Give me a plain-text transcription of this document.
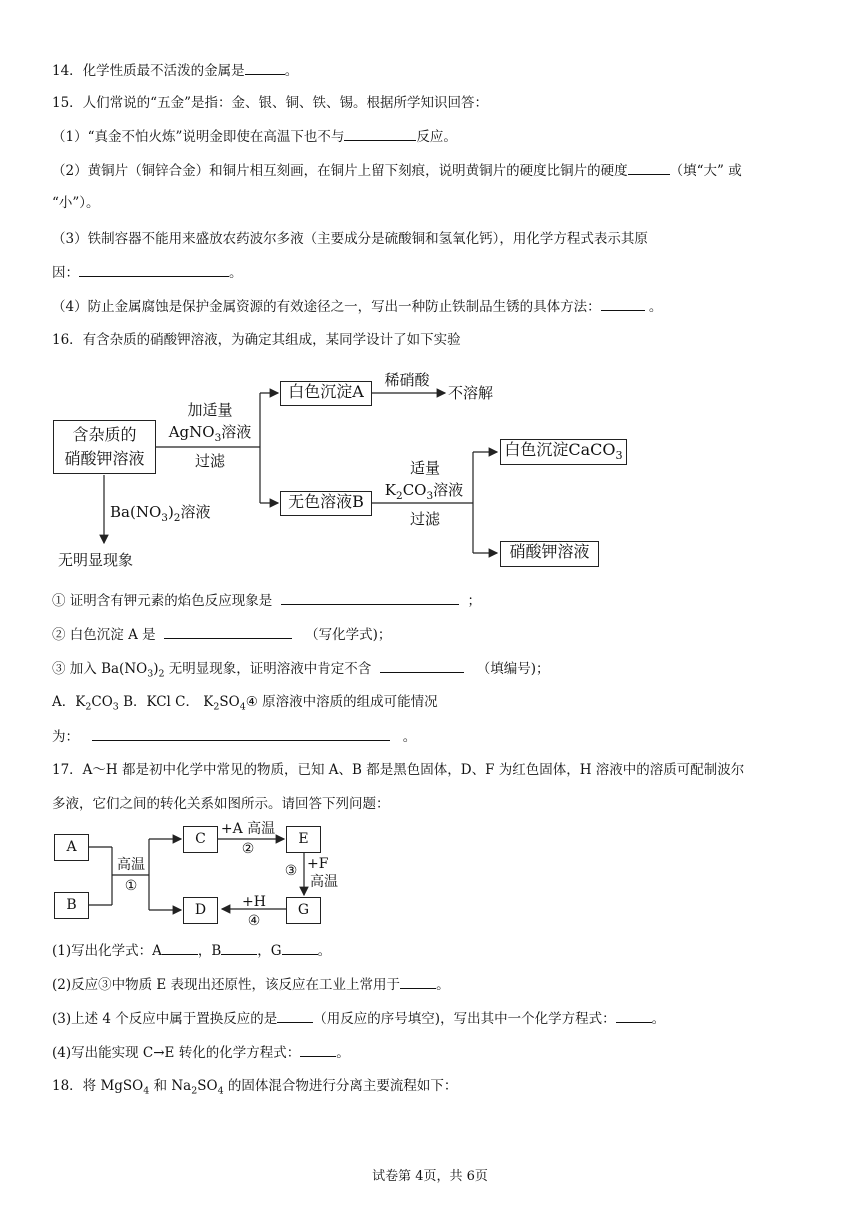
14．化学性质最不活泼的金属是	。
15．人们常说的“五金”是指：金、银、铜、铁、锡。根据所学知识回答：
（1）“真金不怕火炼”说明金即使在高温下也不与	反应。
（2）黄铜片（铜锌合金）和铜片相互刻画，在铜片上留下刻痕，说明黄铜片的硬度比铜片的硬度	（填“大” 或
“小”）。
（3）铁制容器不能用来盛放农药波尔多液（主要成分是硫酸铜和氢氧化钙），用化学方程式表示其原
因：	。
（4）防止金属腐蚀是保护金属资源的有效途径之一，写出一种防止铁制品生锈的具体方法：	。
16．有含杂质的硝酸钾溶液，为确定其组成，某同学设计了如下实验
含杂质的
硝酸钾溶液
加适量
AgNO$_3$溶液
过滤
白色沉淀A
稀硝酸
不溶解
无色溶液B
适量
$K_2CO_3$溶液
过滤
白色沉淀CaCO$_3$
硝酸钾溶液
$Ba(NO_3)_2$溶液
无明显现象
① 证明含有钾元素的焰色反应现象是	；
② 白色沉淀 A 是	（写化学式)；
③ 加入 $Ba(NO_3)_2$ 无明显现象，证明溶液中肯定不含	（填编号)；
A．$K_2CO_3$ B．KCl C． $K_2SO_4④$ 原溶液中溶质的组成可能情况
为：	。
17．A～H 都是初中化学中常见的物质，已知 A、B 都是黑色固体，D、F 为红色固体，H 溶液中的溶质可配制波尔
多液，它们之间的转化关系如图所示。请回答下列问题：
A
B
C
D
E
G
高温
①
+A 高温
②
③ +F
高温
+H
④
(1)写出化学式：A	，B	，G	。
(2)反应③中物质 E 表现出还原性，该反应在工业上常用于	。
(3)上述 4 个反应中属于置换反应的是	（用反应的序号填空)，写出其中一个化学方程式：	。
(4)写出能实现 C→E 转化的化学方程式：	。
18．将 MgSO$_4$ 和 $Na_2SO_4$ 的固体混合物进行分离主要流程如下：
试卷第 4页，共 6页
